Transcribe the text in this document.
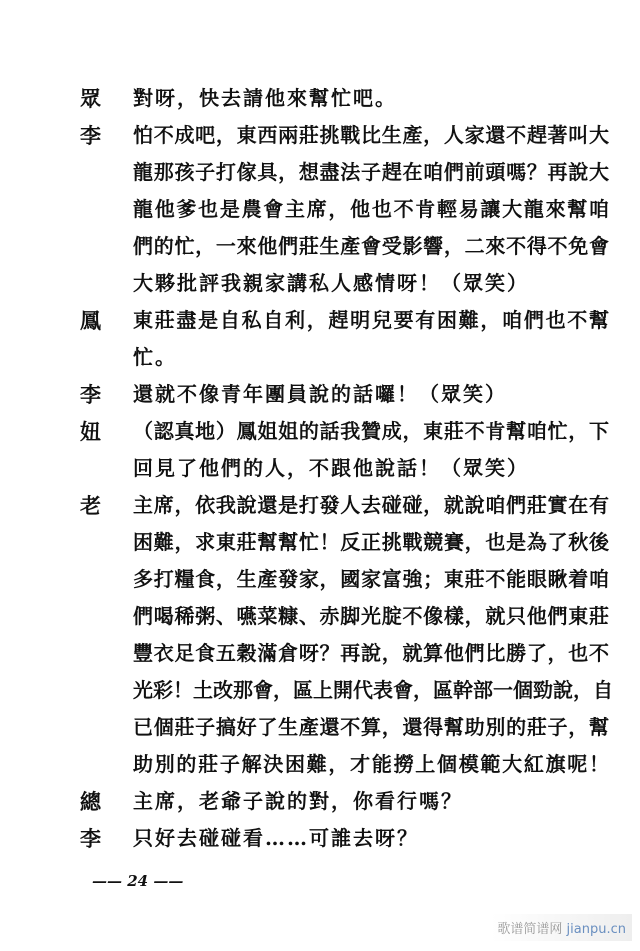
眾	對呀，快去請他來幫忙吧。
李	怕不成吧，東西兩莊挑戰比生產，人家還不趕著叫大
龍那孩子打傢具，想盡法子趕在咱們前頭嗎？再說大
龍他爹也是農會主席，他也不肯輕易讓大龍來幫咱
們的忙，一來他們莊生產會受影響，二來不得不免會
大夥批評我親家講私人感情呀！（眾笑）
鳳	東莊盡是自私自利，趕明兒要有困難，咱們也不幫
忙。
李	還就不像青年團員說的話囉！（眾笑）
妞	（認真地）鳳姐姐的話我贊成，東莊不肯幫咱忙，下
回見了他們的人，不跟他說話！（眾笑）
老	主席，依我說還是打發人去碰碰，就說咱們莊實在有
困難，求東莊幫幫忙！反正挑戰競賽，也是為了秋後
多打糧食，生產發家，國家富強；東莊不能眼瞅着咱
們喝稀粥、嚥菜糠、赤脚光腚不像樣，就只他們東莊
豐衣足食五穀滿倉呀？再說，就算他們比勝了，也不
光彩！土改那會，區上開代表會，區幹部一個勁說，自
已個莊子搞好了生產還不算，還得幫助別的莊子，幫
助別的莊子解決困難，才能撈上個模範大紅旗呢！
總	主席，老爺子說的對，你看行嗎？
李	只好去碰碰看……可誰去呀？
—— 24 ——
歌谱简谱网 jianpu.cn
